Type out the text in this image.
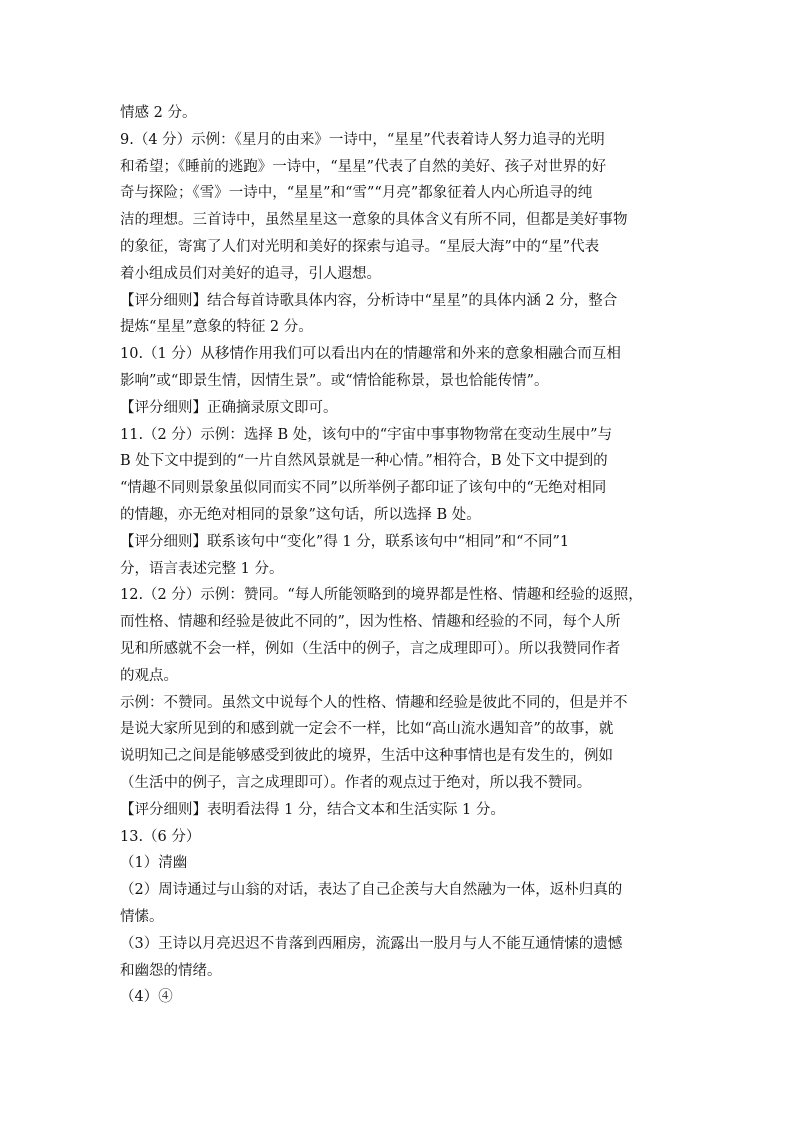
情感 2 分。
9.（4 分）示例：《星月的由来》一诗中，“星星”代表着诗人努力追寻的光明
和希望；《睡前的逃跑》一诗中，“星星”代表了自然的美好、孩子对世界的好
奇与探险；《雪》一诗中，“星星”和“雪”“月亮”都象征着人内心所追寻的纯
洁的理想。三首诗中，虽然星星这一意象的具体含义有所不同，但都是美好事物
的象征，寄寓了人们对光明和美好的探索与追寻。“星辰大海”中的“星”代表
着小组成员们对美好的追寻，引人遐想。
【评分细则】结合每首诗歌具体内容，分析诗中“星星”的具体内涵 2 分，整合
提炼“星星”意象的特征 2 分。
10.（1 分）从移情作用我们可以看出内在的情趣常和外来的意象相融合而互相
影响”或“即景生情，因情生景”。或“情恰能称景，景也恰能传情”。
【评分细则】正确摘录原文即可。
11.（2 分）示例：选择 B 处，该句中的“宇宙中事事物物常在变动生展中”与
B 处下文中提到的“一片自然风景就是一种心情。”相符合，B 处下文中提到的
“情趣不同则景象虽似同而实不同”以所举例子都印证了该句中的“无绝对相同
的情趣，亦无绝对相同的景象”这句话，所以选择 B 处。
【评分细则】联系该句中“变化”得 1 分，联系该句中“相同”和“不同”1
分，语言表述完整 1 分。
12.（2 分）示例：赞同。“每人所能领略到的境界都是性格、情趣和经验的返照，
而性格、情趣和经验是彼此不同的”，因为性格、情趣和经验的不同，每个人所
见和所感就不会一样，例如（生活中的例子，言之成理即可）。所以我赞同作者
的观点。
示例：不赞同。虽然文中说每个人的性格、情趣和经验是彼此不同的，但是并不
是说大家所见到的和感到就一定会不一样，比如“高山流水遇知音”的故事，就
说明知己之间是能够感受到彼此的境界，生活中这种事情也是有发生的，例如
（生活中的例子，言之成理即可）。作者的观点过于绝对，所以我不赞同。
【评分细则】表明看法得 1 分，结合文本和生活实际 1 分。
13.（6 分）
（1）清幽
（2）周诗通过与山翁的对话，表达了自己企羡与大自然融为一体，返朴归真的
情愫。
（3）王诗以月亮迟迟不肯落到西厢房，流露出一股月与人不能互通情愫的遗憾
和幽怨的情绪。
（4）④
